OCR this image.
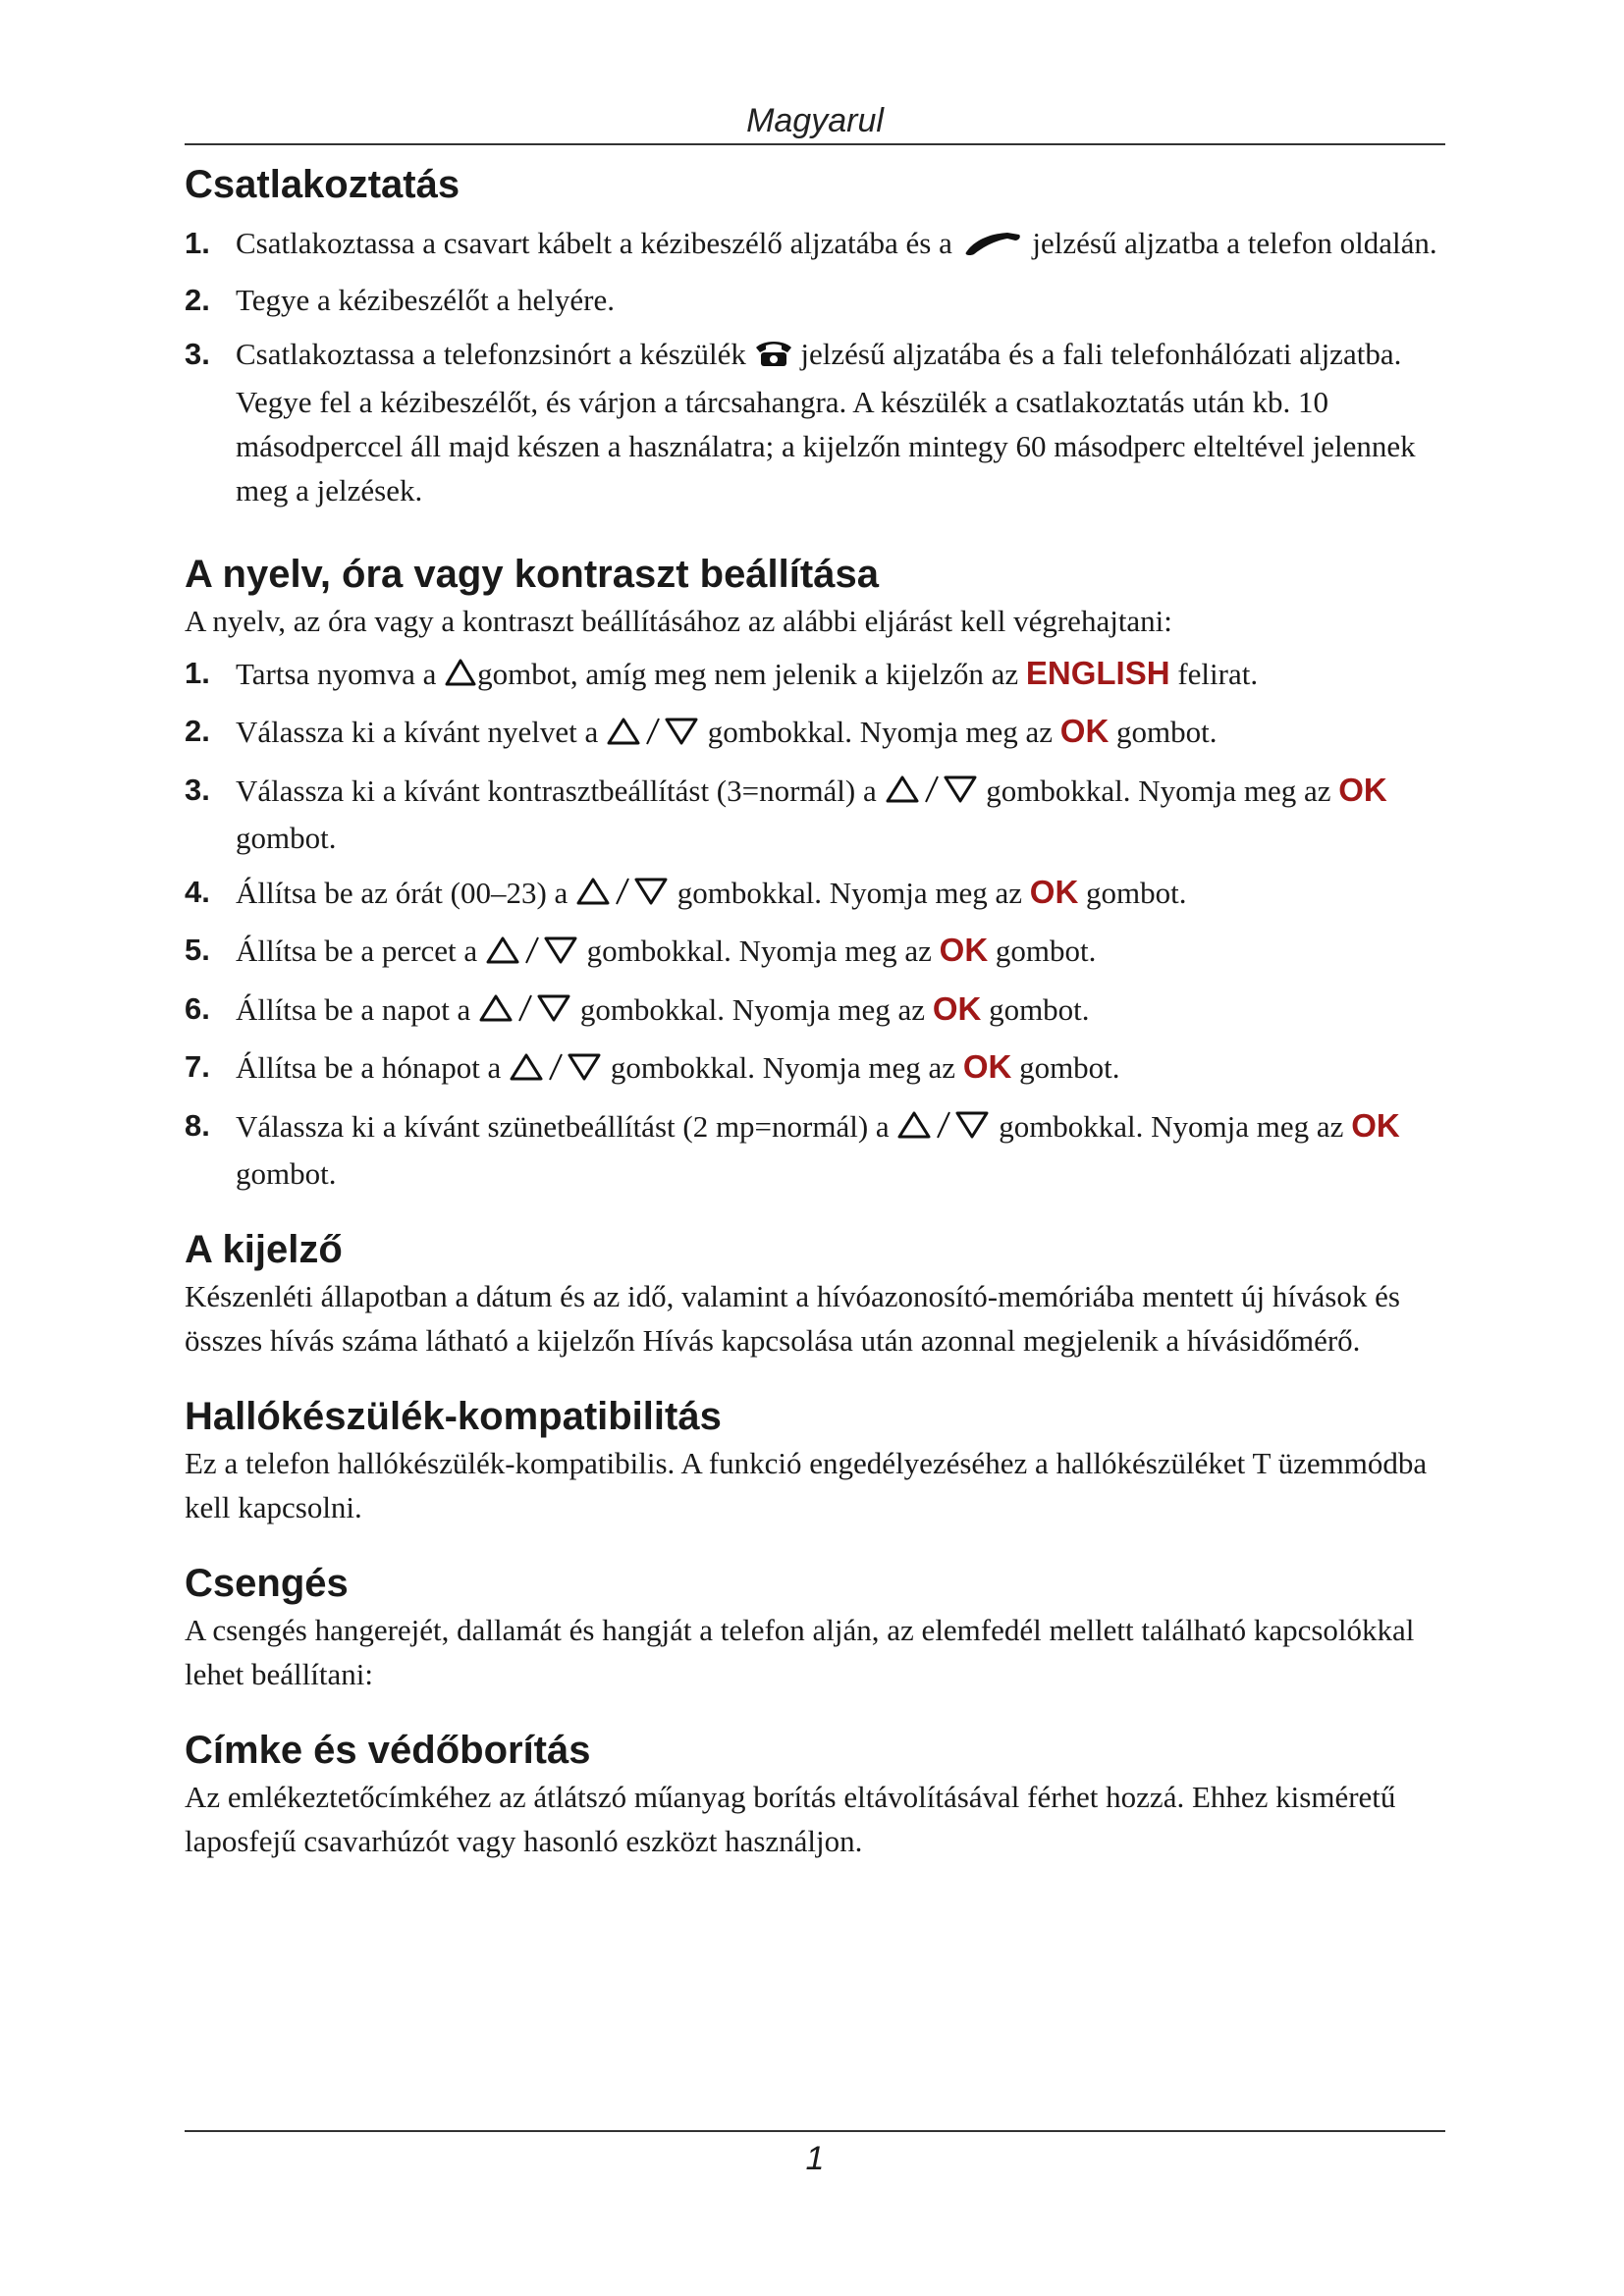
Magyarul
Csatlakoztatás
1. Csatlakoztassa a csavart kábelt a kézibeszélő aljzatába és a	jelzésű aljzatba a telefon oldalán.
2. Tegye a kézibeszélőt a helyére.
3. Csatlakoztassa a telefonzsinórt a készülék jelzésű aljzatába és a fali telefonhálózati aljzatba. Vegye fel a kézibeszélőt, és várjon a tárcsahangra. A készülék a csatlakoztatás után kb. 10 másodperccel áll majd készen a használatra; a kijelzőn mintegy 60 másodperc elteltével jelennek meg a jelzések.
A nyelv, óra vagy kontraszt beállítása

A nyelv, az óra vagy a kontraszt beállításához az alábbi eljárást kell végrehajtani:

1. Tartsa nyomva a gombot, amíg meg nem jelenik a kijelzőn az ENGLISH felirat.
2. Válassza ki a kívánt nyelvet a	gombokkal. Nyomja meg az OK gombot.
3. Válassza ki a kívánt kontrasztbeállítást (3=normál) a	gombokkal. Nyomja meg az OK gombot.
4. Állítsa be az órát (00–23) a	gombokkal. Nyomja meg az OK gombot.
5. Állítsa be a percet a	gombokkal. Nyomja meg az OK gombot.
6. Állítsa be a napot a	gombokkal. Nyomja meg az OK gombot.
7. Állítsa be a hónapot a	gombokkal. Nyomja meg az OK gombot.
8. Válassza ki a kívánt szünetbeállítást (2 mp=normál) a	gombokkal. Nyomja meg az OK gombot.
A kijelző

Készenléti állapotban a dátum és az idő, valamint a hívóazonosító-memóriába mentett új hívások és összes hívás száma látható a kijelzőn Hívás kapcsolása után azonnal megjelenik a hívásidőmérő.

Hallókészülék-kompatibilitás

Ez a telefon hallókészülék-kompatibilis. A funkció engedélyezéséhez a hallókészüléket T üzemmódba kell kapcsolni.

Csengés

A csengés hangerejét, dallamát és hangját a telefon alján, az elemfedél mellett található kapcsolókkal lehet beállítani:

Címke és védőborítás

Az emlékeztetőcímkéhez az átlátszó műanyag borítás eltávolításával férhet hozzá. Ehhez kisméretű laposfejű csavarhúzót vagy hasonló eszközt használjon.

1
